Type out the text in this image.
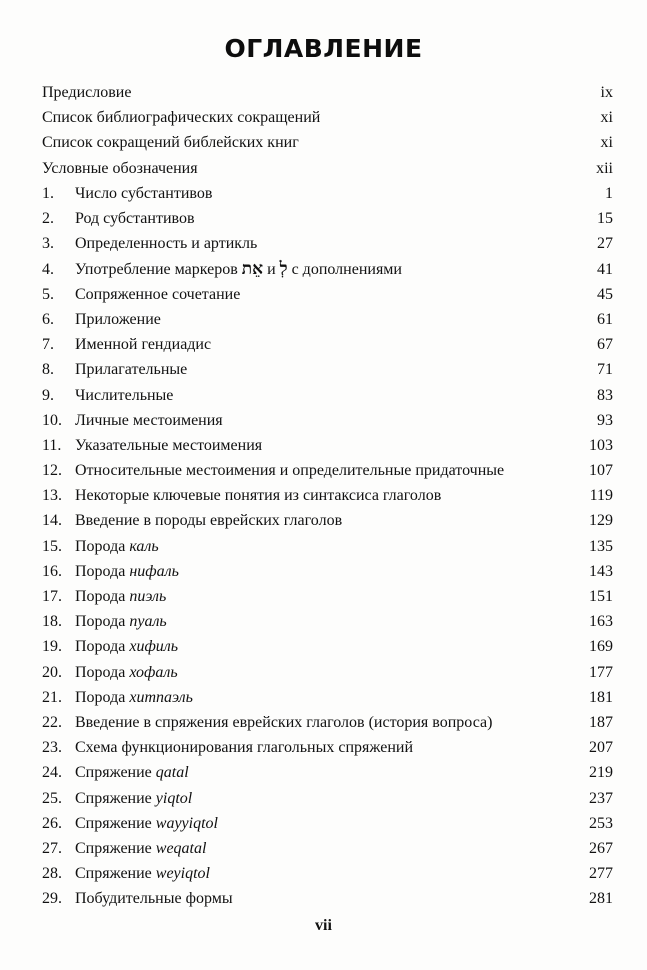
ОГЛАВЛЕНИЕ
Предисловие	ix
Список библиографических сокращений	xi
Список сокращений библейских книг	xi
Условные обозначения	xii
1.	Число субстантивов	1
2.	Род субстантивов	15
3.	Определенность и артикль	27
4.	Употребление маркеров אֵת и לְ с дополнениями	41
5.	Сопряженное сочетание	45
6.	Приложение	61
7.	Именной гендиадис	67
8.	Прилагательные	71
9.	Числительные	83
10. Личные местоимения	93
11. Указательные местоимения	103
12. Относительные местоимения и определительные придаточные	107
13. Некоторые ключевые понятия из синтаксиса глаголов	119
14. Введение в породы еврейских глаголов	129
15. Порода каль	135
16. Порода нифаль	143
17. Порода пиэль	151
18. Порода пуаль	163
19. Порода хифиль	169
20. Порода хофаль	177
21. Порода хитпаэль	181
22. Введение в спряжения еврейских глаголов (история вопроса)	187
23. Схема функционирования глагольных спряжений	207
24. Спряжение qatal	219
25. Спряжение yiqtol	237
26. Спряжение wayyiqtol	253
27. Спряжение weqatal	267
28. Спряжение weyiqtol	277
29. Побудительные формы	281
vii
